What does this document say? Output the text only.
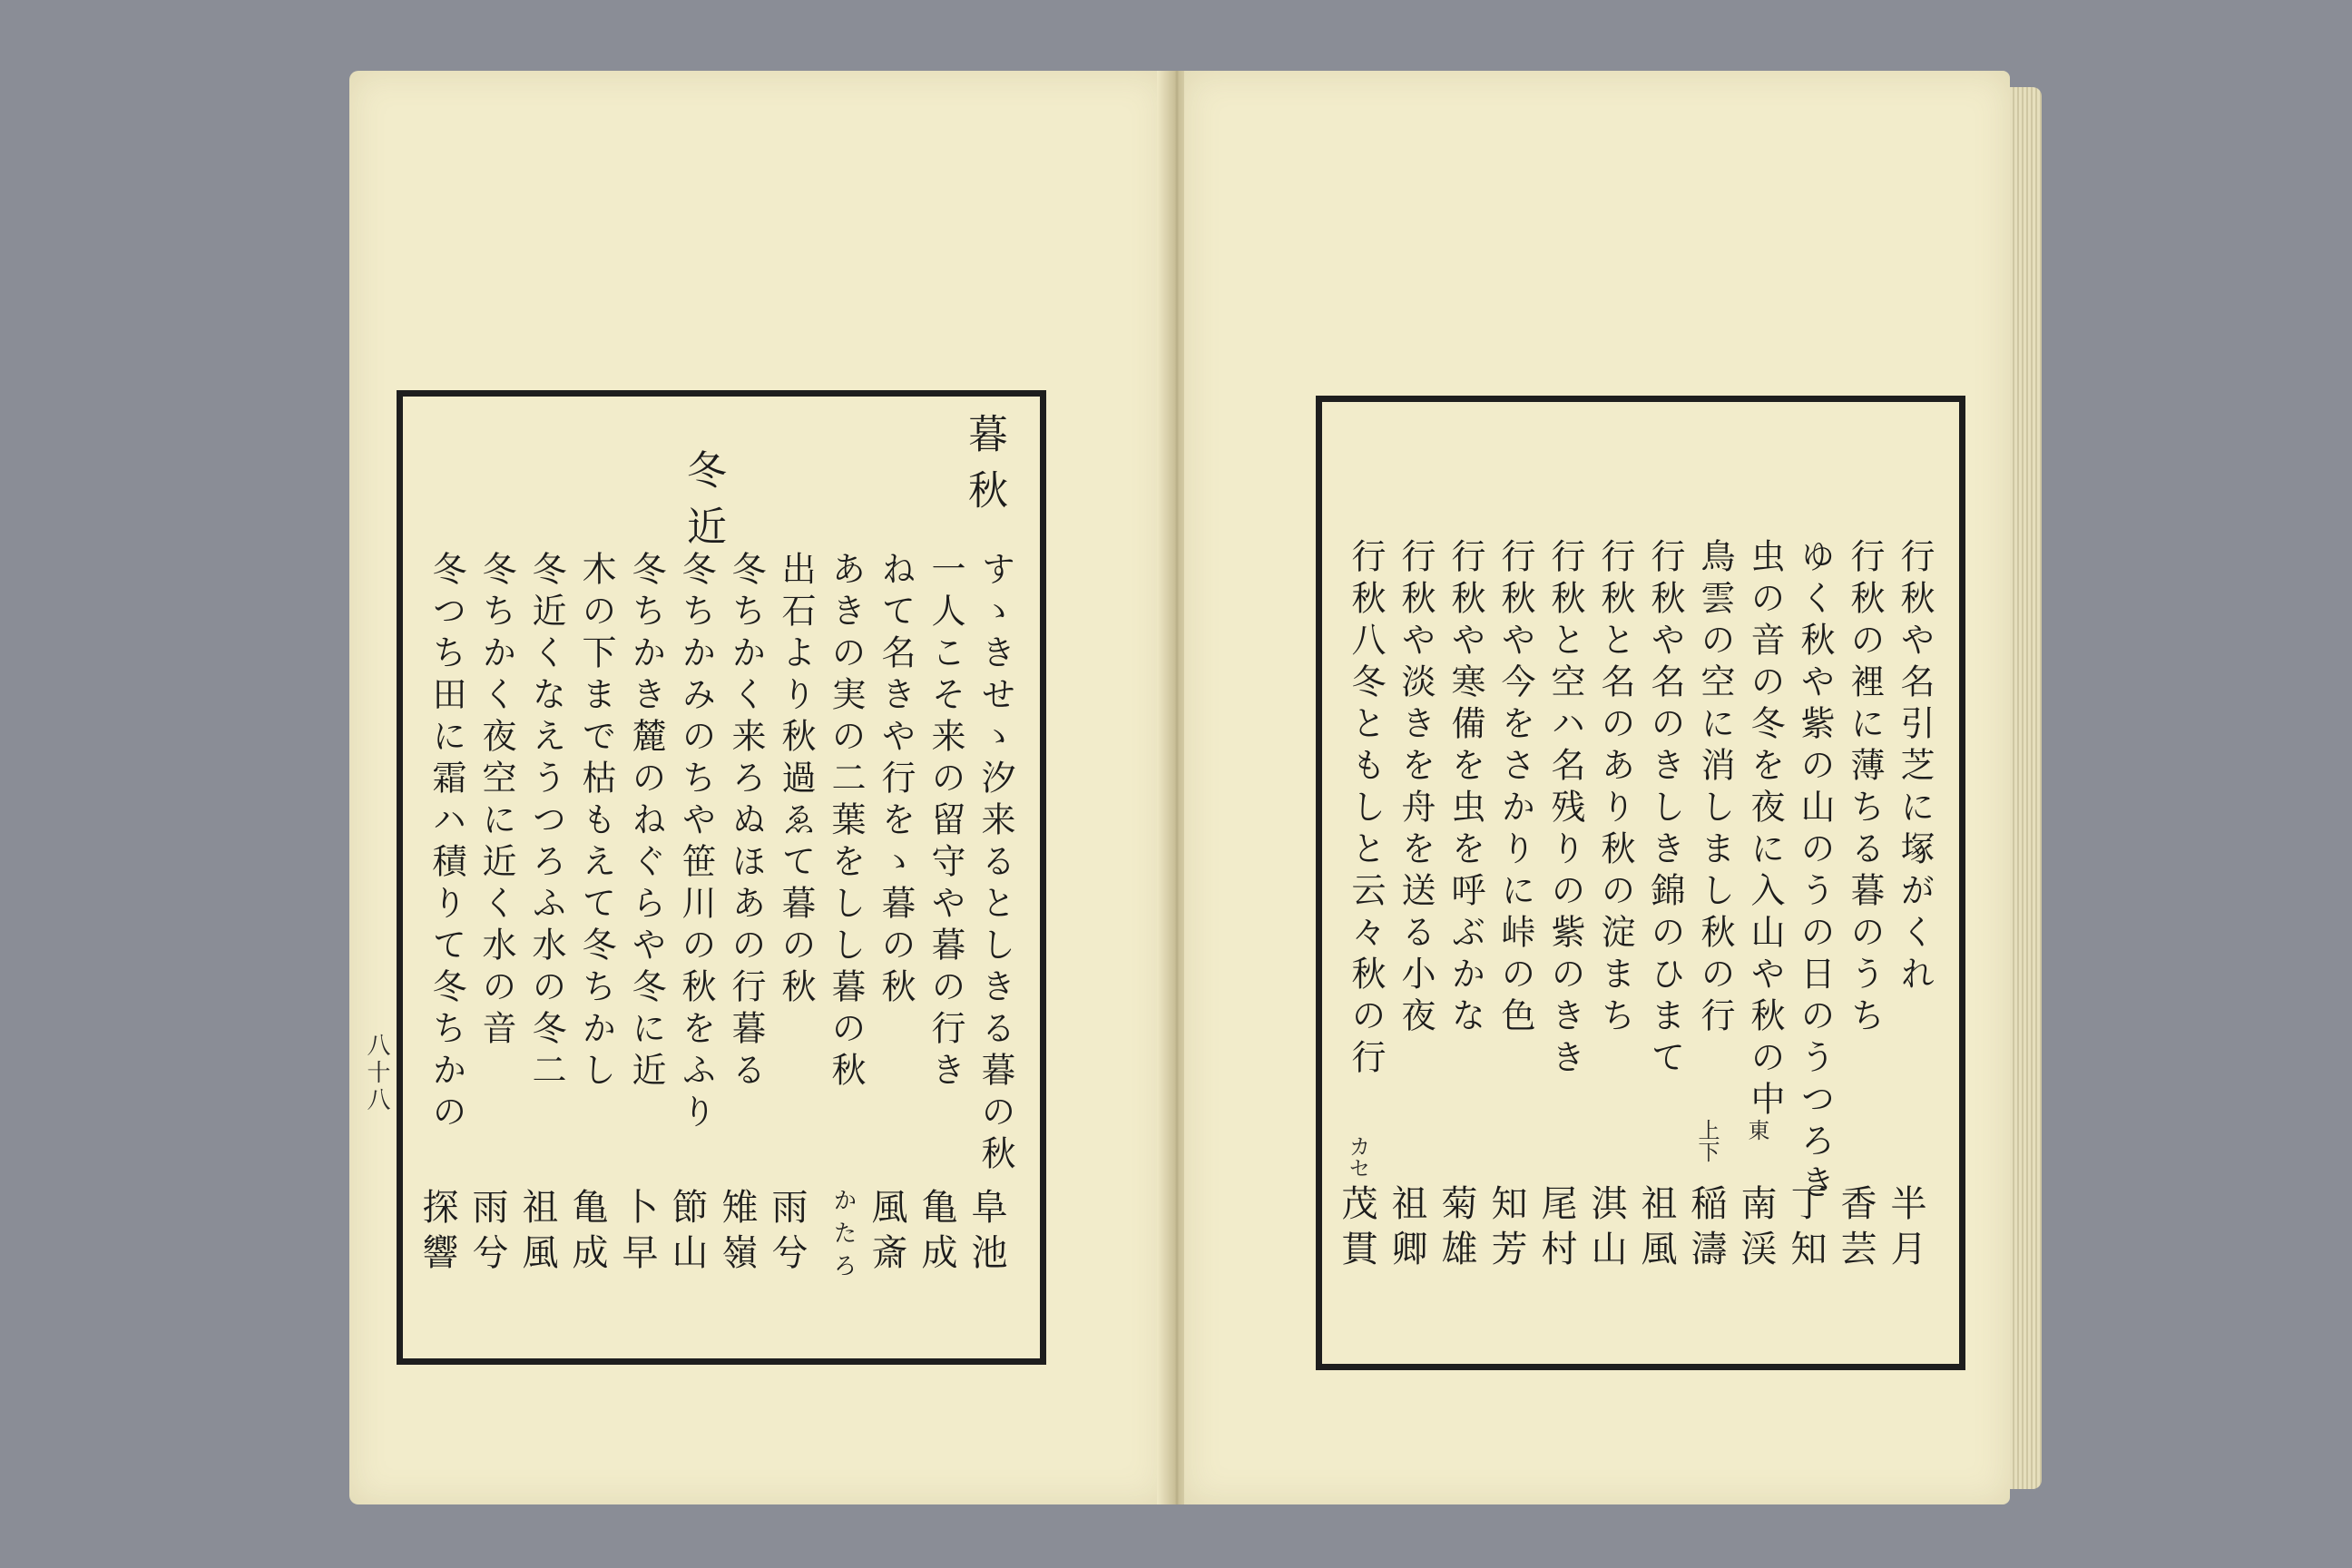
暮秋
冬近
すゝきせゝ汐来るとしきる暮の秋
一人こそ来の留守や暮の行き
ねて名きや行をゝ暮の秋
あきの実の二葉をしし暮の秋
出石より秋過ゑて暮の秋
冬ちかく来ろぬほあの行暮る
冬ちかみのちや笹川の秋をふり
冬ちかき麓のねぐらや冬に近
木の下まで枯もえて冬ちかし
冬近くなえうつろふ水の冬二
冬ちかく夜空に近く水の音
冬つち田に霜ハ積りて冬ちかの
阜池
亀成
風斎
かたろ
雨兮
雉嶺
節山
卜早
亀成
祖風
雨兮
探響
八十八
行秋や名引芝に塚がくれ
行秋の裡に薄ちる暮のうち
ゆく秋や紫の山のうの日のうつろき
虫の音の冬を夜に入山や秋の中
鳥雲の空に消しまし秋の行
行秋や名のきしき錦のひまて
行秋と名のあり秋の淀まち
行秋と空ハ名残りの紫のきき
行秋や今をさかりに峠の色
行秋や寒備を虫を呼ぶかな
行秋や淡きを舟を送る小夜
行秋八冬ともしと云々秋の行
東
上下
カセ
半月
香芸
丁知
南渓
稲濤
祖風
淇山
尾村
知芳
菊雄
祖卿
茂貫
